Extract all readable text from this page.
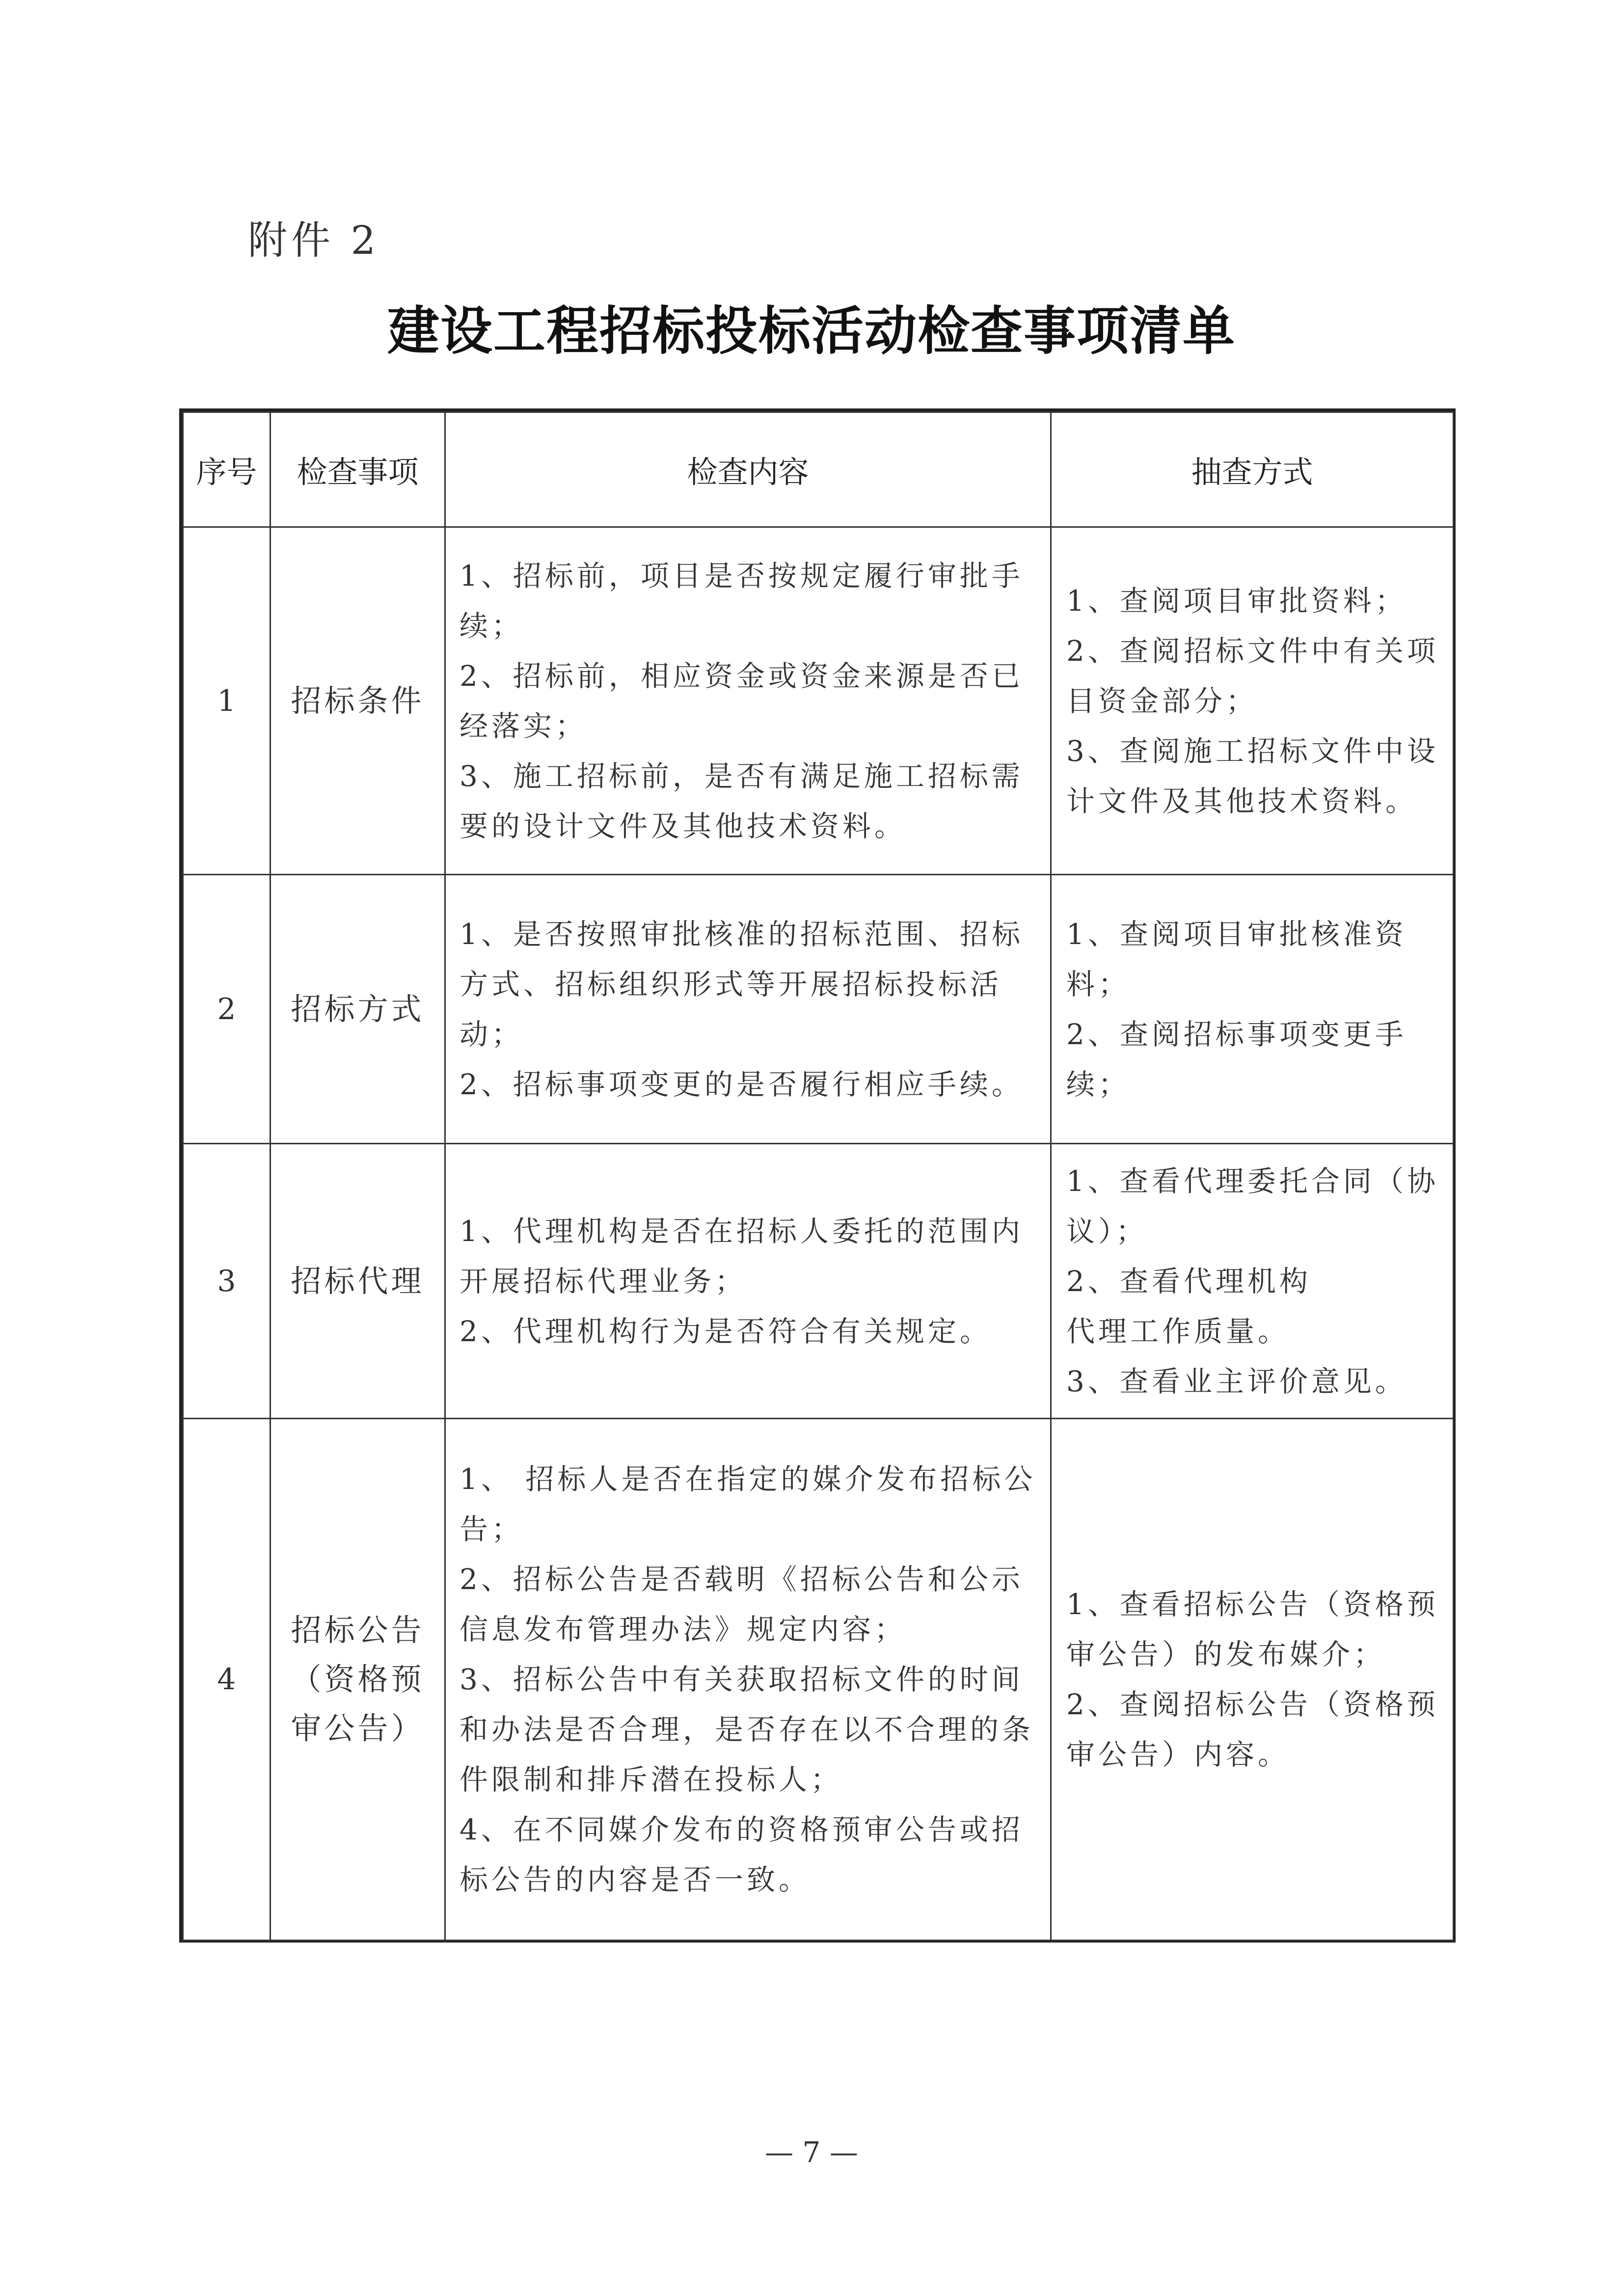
附件 2
建设工程招标投标活动检查事项清单
序号	检查事项	检查内容	抽查方式
1	招标条件	1、招标前，项目是否按规定履行审批手续；
2、招标前，相应资金或资金来源是否已经落实；
3、施工招标前，是否有满足施工招标需要的设计文件及其他技术资料。	1、查阅项目审批资料；
2、查阅招标文件中有关项目资金部分；
3、查阅施工招标文件中设计文件及其他技术资料。

2	招标方式	1、是否按照审批核准的招标范围、招标方式、招标组织形式等开展招标投标活动；
2、招标事项变更的是否履行相应手续。	1、查阅项目审批核准资料；
2、查阅招标事项变更手续；

3	招标代理	1、代理机构是否在招标人委托的范围内开展招标代理业务；
2、代理机构行为是否符合有关规定。	1、查看代理委托合同（协议）；
2、查看代理机构
代理工作质量。
3、查看业主评价意见。

4	招标公告（资格预审公告）	1、 招标人是否在指定的媒介发布招标公告；
2、招标公告是否载明《招标公告和公示信息发布管理办法》规定内容；
3、招标公告中有关获取招标文件的时间和办法是否合理，是否存在以不合理的条件限制和排斥潜在投标人；
4、在不同媒介发布的资格预审公告或招标公告的内容是否一致。	1、查看招标公告（资格预审公告）的发布媒介；
2、查阅招标公告（资格预审公告）内容。
— 7 —
